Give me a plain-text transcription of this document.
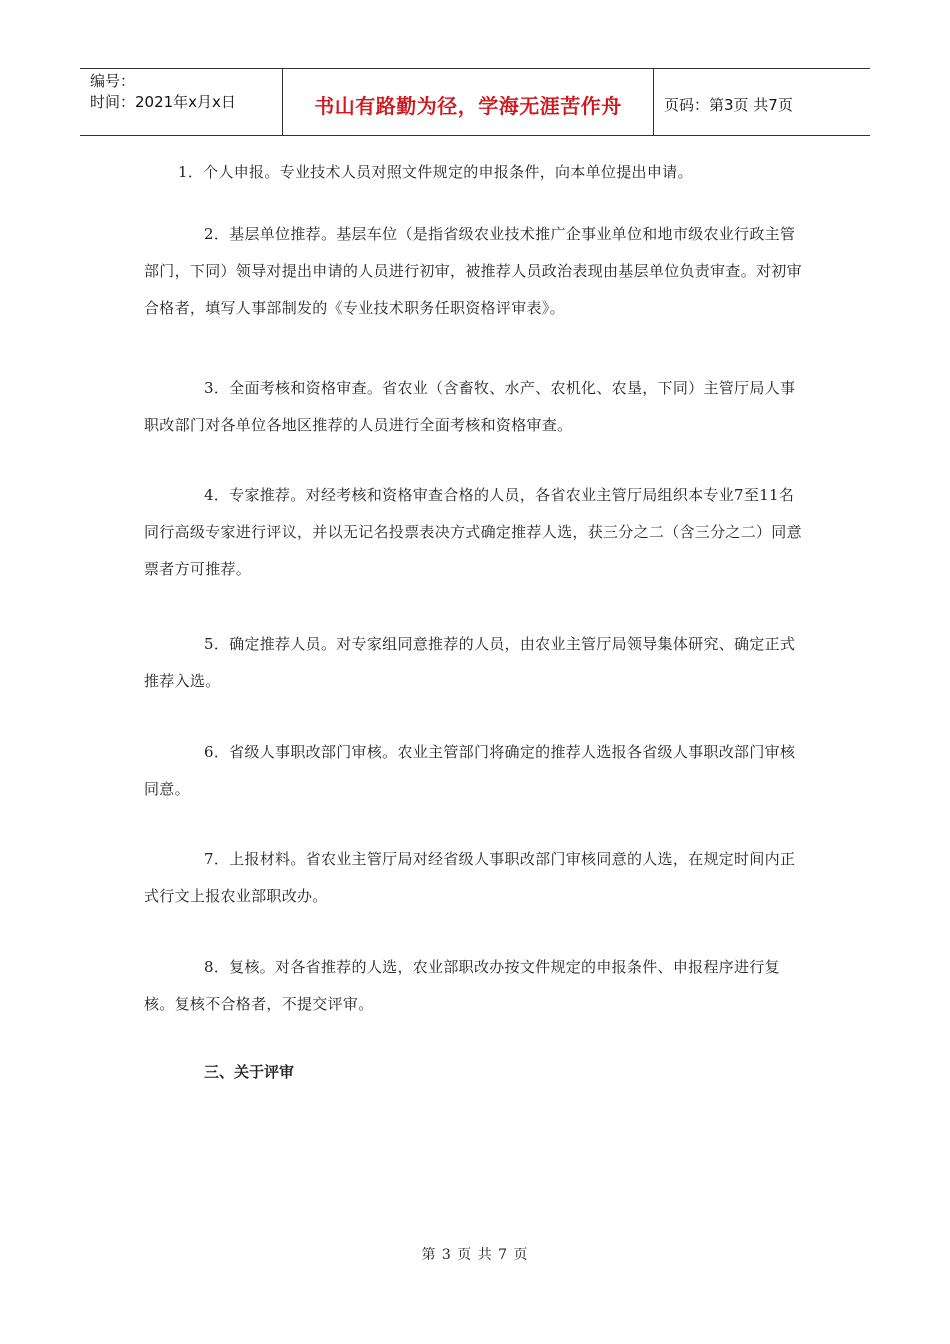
编号：
时间：2021年x月x日	书山有路勤为径，学海无涯苦作舟	页码：第3页 共7页

1．个人申报。专业技术人员对照文件规定的申报条件，向本单位提出申请。

2．基层单位推荐。基层车位（是指省级农业技术推广企事业单位和地市级农业行政主管部门，下同）领导对提出申请的人员进行初审，被推荐人员政治表现由基层单位负责审查。对初审合格者，填写人事部制发的《专业技术职务任职资格评审表》。

3．全面考核和资格审查。省农业（含畜牧、水产、农机化、农垦，下同）主管厅局人事职改部门对各单位各地区推荐的人员进行全面考核和资格审查。

4．专家推荐。对经考核和资格审查合格的人员，各省农业主管厅局组织本专业7至11名同行高级专家进行评议，并以无记名投票表决方式确定推荐人选，获三分之二（含三分之二）同意票者方可推荐。

5．确定推荐人员。对专家组同意推荐的人员，由农业主管厅局领导集体研究、确定正式推荐入选。

6．省级人事职改部门审核。农业主管部门将确定的推荐人选报各省级人事职改部门审核同意。

7．上报材料。省农业主管厅局对经省级人事职改部门审核同意的人选，在规定时间内正式行文上报农业部职改办。

8．复核。对各省推荐的人选，农业部职改办按文件规定的申报条件、申报程序进行复核。复核不合格者，不提交评审。

三、关于评审

第 3 页 共 7 页
